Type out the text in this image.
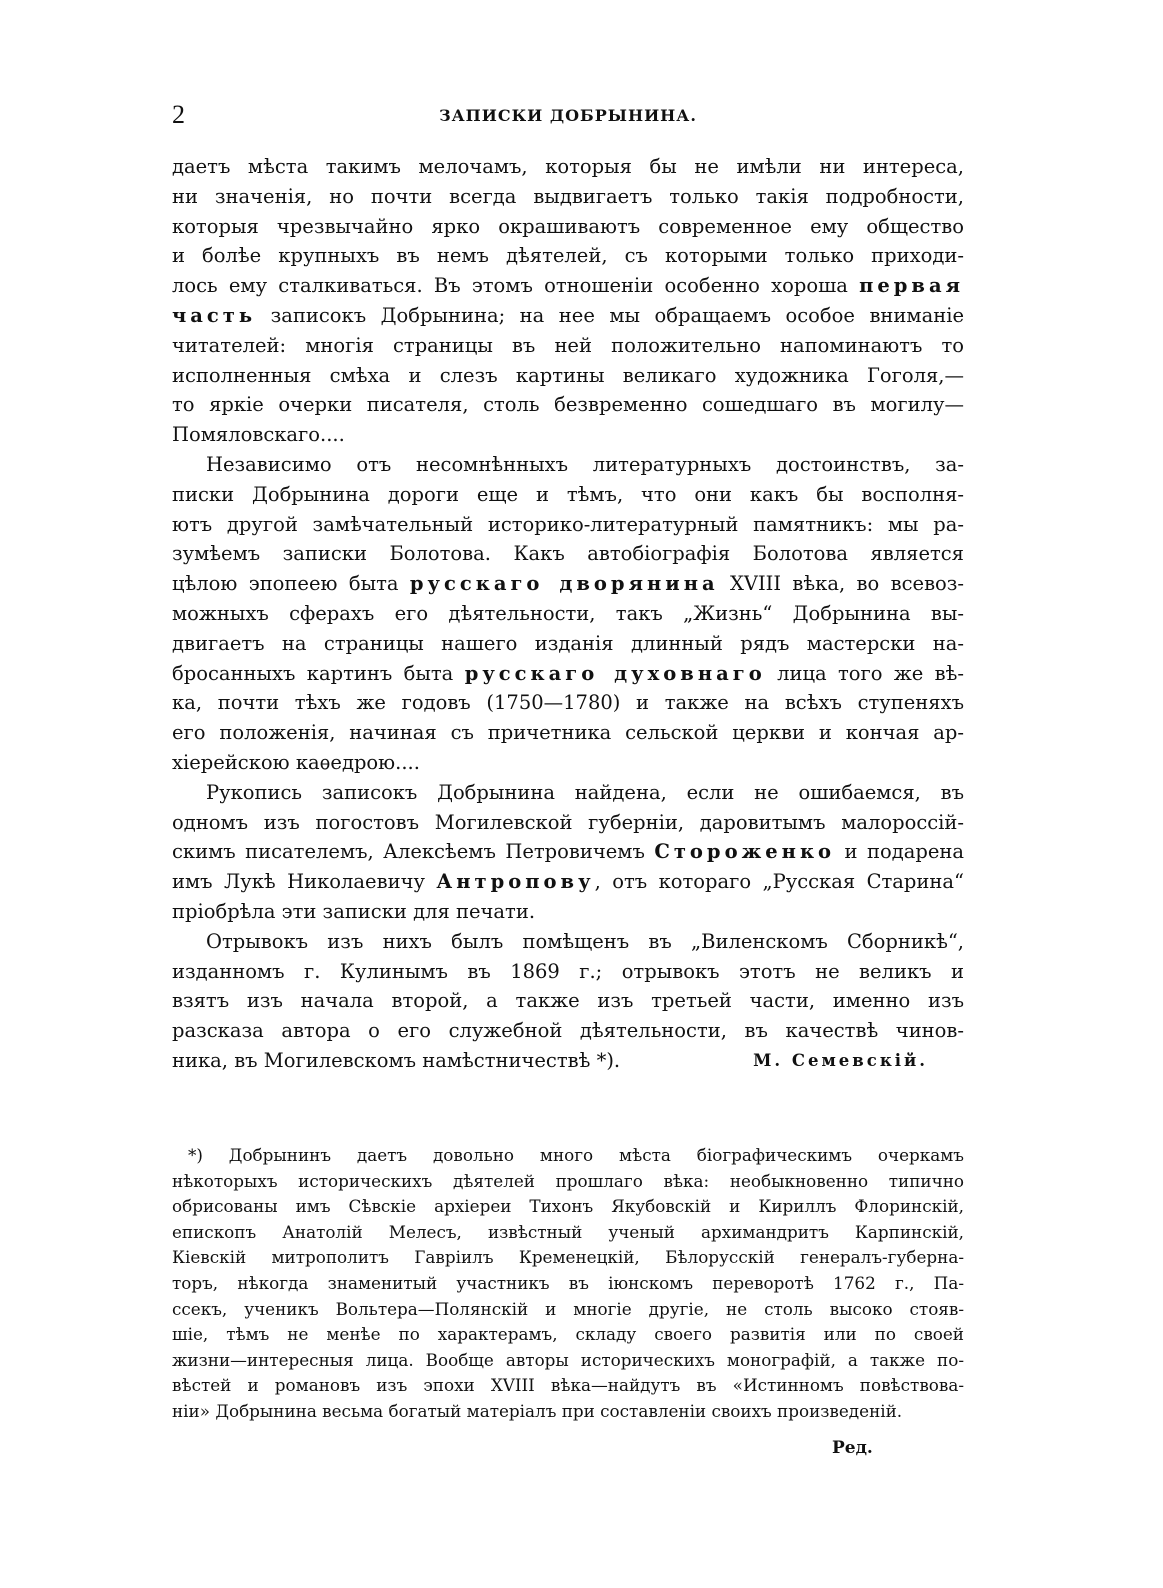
2	ЗАПИСКИ ДОБРЫНИНА.
даетъ мѣста такимъ мелочамъ, которыя бы не имѣли ни интереса,
ни значенія, но почти всегда выдвигаетъ только такія подробности,
которыя чрезвычайно ярко окрашиваютъ современное ему общество
и болѣе крупныхъ въ немъ дѣятелей, съ которыми только приходи-
лось ему сталкиваться. Въ этомъ отношеніи особенно хороша первая
часть записокъ Добрынина; на нее мы обращаемъ особое вниманіе
читателей: многія страницы въ ней положительно напоминаютъ то
исполненныя смѣха и слезъ картины великаго художника Гоголя,—
то яркіе очерки писателя, столь безвременно сошедшаго въ могилу—
Помяловскаго....
Независимо отъ несомнѣнныхъ литературныхъ достоинствъ, за-
писки Добрынина дороги еще и тѣмъ, что они какъ бы восполня-
ютъ другой замѣчательный историко-литературный памятникъ: мы ра-
зумѣемъ записки Болотова. Какъ автобіографія Болотова является
цѣлою эпопеею быта русскаго дворянина XVIII вѣка, во всевоз-
можныхъ сферахъ его дѣятельности, такъ „Жизнь“ Добрынина вы-
двигаетъ на страницы нашего изданія длинный рядъ мастерски на-
бросанныхъ картинъ быта русскаго духовнаго лица того же вѣ-
ка, почти тѣхъ же годовъ (1750—1780) и также на всѣхъ ступеняхъ
его положенія, начиная съ причетника сельской церкви и кончая ар-
хіерейскою каѳедрою....
Рукопись записокъ Добрынина найдена, если не ошибаемся, въ
одномъ изъ погостовъ Могилевской губерніи, даровитымъ малороссій-
скимъ писателемъ, Алексѣемъ Петровичемъ Стороженко и подарена
имъ Лукѣ Николаевичу Антропову, отъ котораго „Русская Старина“
пріобрѣла эти записки для печати.
Отрывокъ изъ нихъ былъ помѣщенъ въ „Виленскомъ Сборникѣ“,
изданномъ г. Кулинымъ въ 1869 г.; отрывокъ этотъ не великъ и
взятъ изъ начала второй, а также изъ третьей части, именно изъ
разсказа автора о его служебной дѣятельности, въ качествѣ чинов-
ника, въ Могилевскомъ намѣстничествѣ *).	М. Семевскій.
*) Добрынинъ даетъ довольно много мѣста біографическимъ очеркамъ
нѣкоторыхъ историческихъ дѣятелей прошлаго вѣка: необыкновенно типично
обрисованы имъ Сѣвскіе архіереи Тихонъ Якубовскій и Кириллъ Флоринскій,
епископъ Анатолій Мелесъ, извѣстный ученый архимандритъ Карпинскій,
Кіевскій митрополитъ Гавріилъ Кременецкій, Бѣлорусскій генералъ-губерна-
торъ, нѣкогда знаменитый участникъ въ іюнскомъ переворотѣ 1762 г., Па-
ссекъ, ученикъ Вольтера—Полянскій и многіе другіе, не столь высоко стояв-
шіе, тѣмъ не менѣе по характерамъ, складу своего развитія или по своей
жизни—интересныя лица. Вообще авторы историческихъ монографій, а также по-
вѣстей и романовъ изъ эпохи XVIII вѣка—найдутъ въ «Истинномъ повѣствова-
ніи» Добрынина весьма богатый матеріалъ при составленіи своихъ произведеній.
Ред.
